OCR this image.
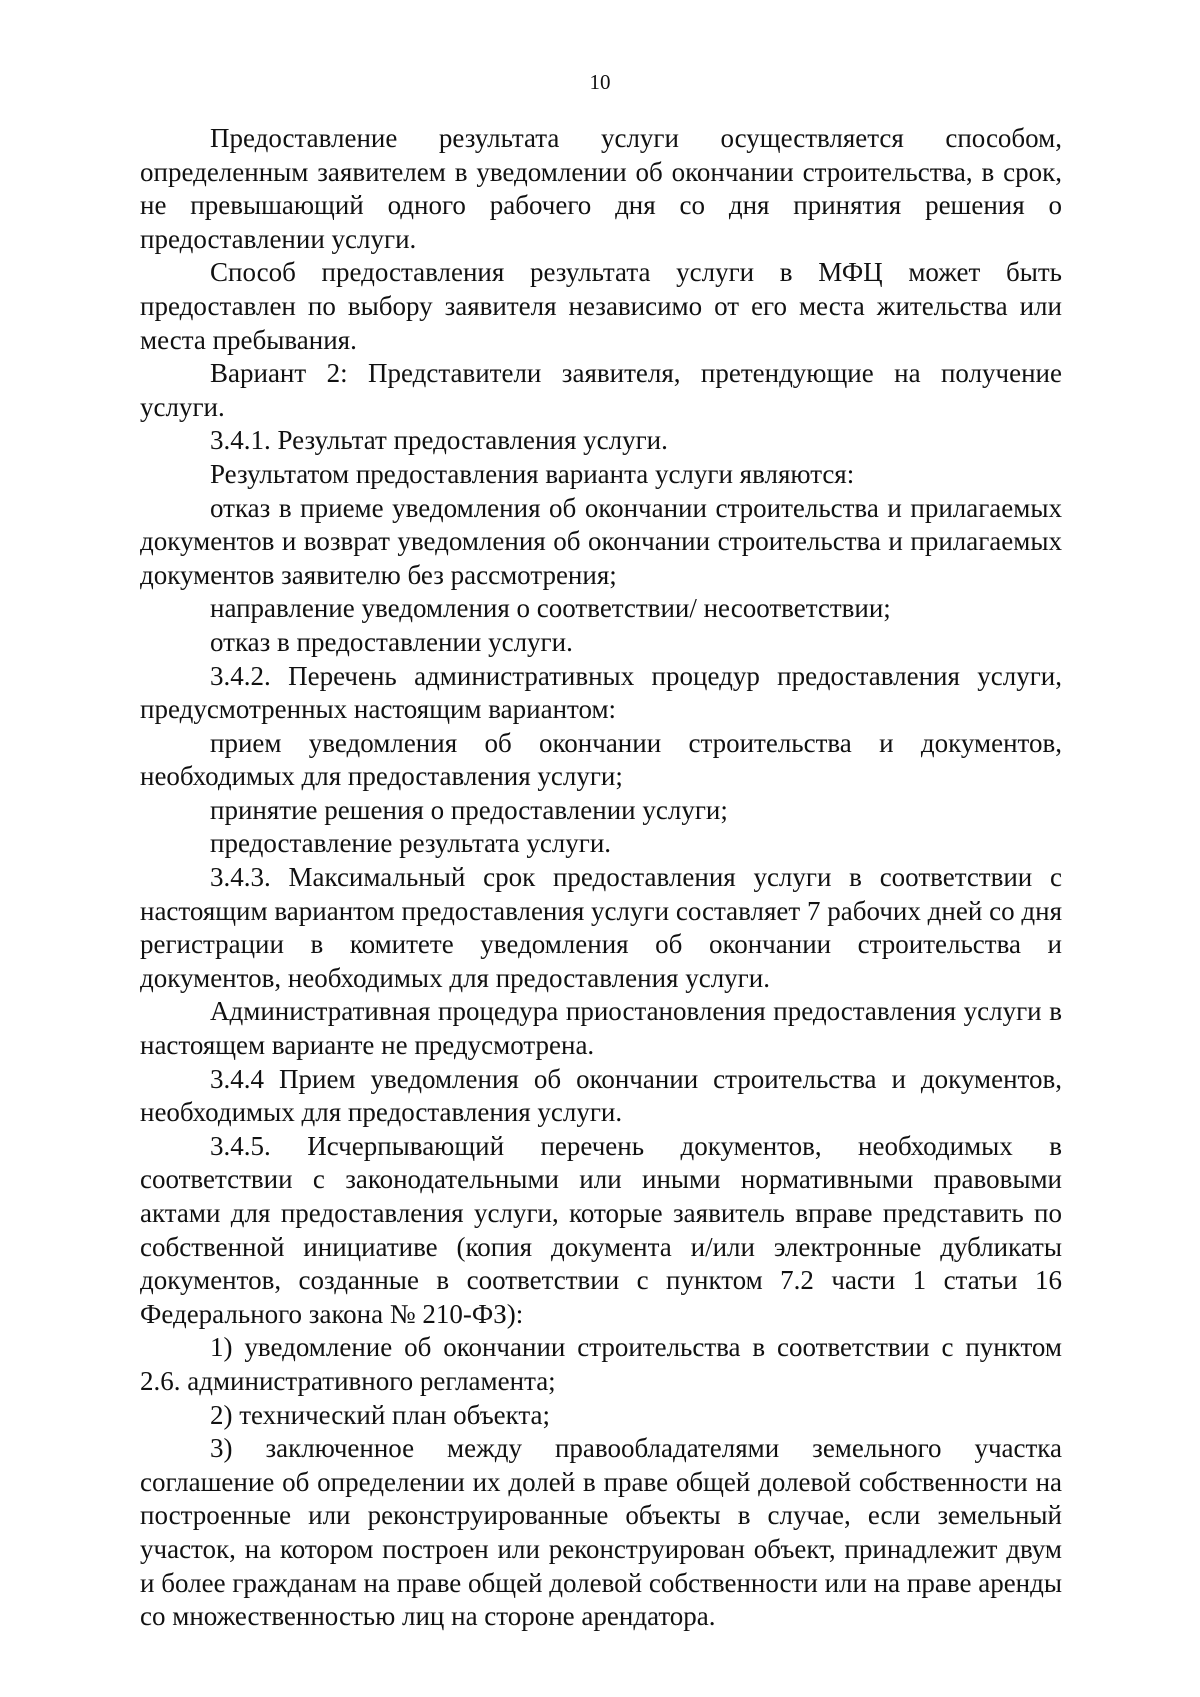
10

Предоставление результата услуги осуществляется способом, определенным заявителем в уведомлении об окончании строительства, в срок, не превышающий одного рабочего дня со дня принятия решения о предоставлении услуги.

Способ предоставления результата услуги в МФЦ может быть предоставлен по выбору заявителя независимо от его места жительства или места пребывания.

Вариант 2: Представители заявителя, претендующие на получение услуги.

3.4.1. Результат предоставления услуги.

Результатом предоставления варианта услуги являются:

отказ в приеме уведомления об окончании строительства и прилагаемых документов и возврат уведомления об окончании строительства и прилагаемых документов заявителю без рассмотрения;

направление уведомления о соответствии/ несоответствии;

отказ в предоставлении услуги.

3.4.2. Перечень административных процедур предоставления услуги, предусмотренных настоящим вариантом:

прием уведомления об окончании строительства и документов, необходимых для предоставления услуги;

принятие решения о предоставлении услуги;

предоставление результата услуги.

3.4.3. Максимальный срок предоставления услуги в соответствии с настоящим вариантом предоставления услуги составляет 7 рабочих дней со дня регистрации в комитете уведомления об окончании строительства и документов, необходимых для предоставления услуги.

Административная процедура приостановления предоставления услуги в настоящем варианте не предусмотрена.

3.4.4 Прием уведомления об окончании строительства и документов, необходимых для предоставления услуги.

3.4.5. Исчерпывающий перечень документов, необходимых в соответствии с законодательными или иными нормативными правовыми актами для предоставления услуги, которые заявитель вправе представить по собственной инициативе (копия документа и/или электронные дубликаты документов, созданные в соответствии с пунктом 7.2 части 1 статьи 16 Федерального закона № 210-ФЗ):

1) уведомление об окончании строительства в соответствии с пунктом 2.6. административного регламента;

2) технический план объекта;

3) заключенное между правообладателями земельного участка соглашение об определении их долей в праве общей долевой собственности на построенные или реконструированные объекты в случае, если земельный участок, на котором построен или реконструирован объект, принадлежит двум и более гражданам на праве общей долевой собственности или на праве аренды со множественностью лиц на стороне арендатора.
